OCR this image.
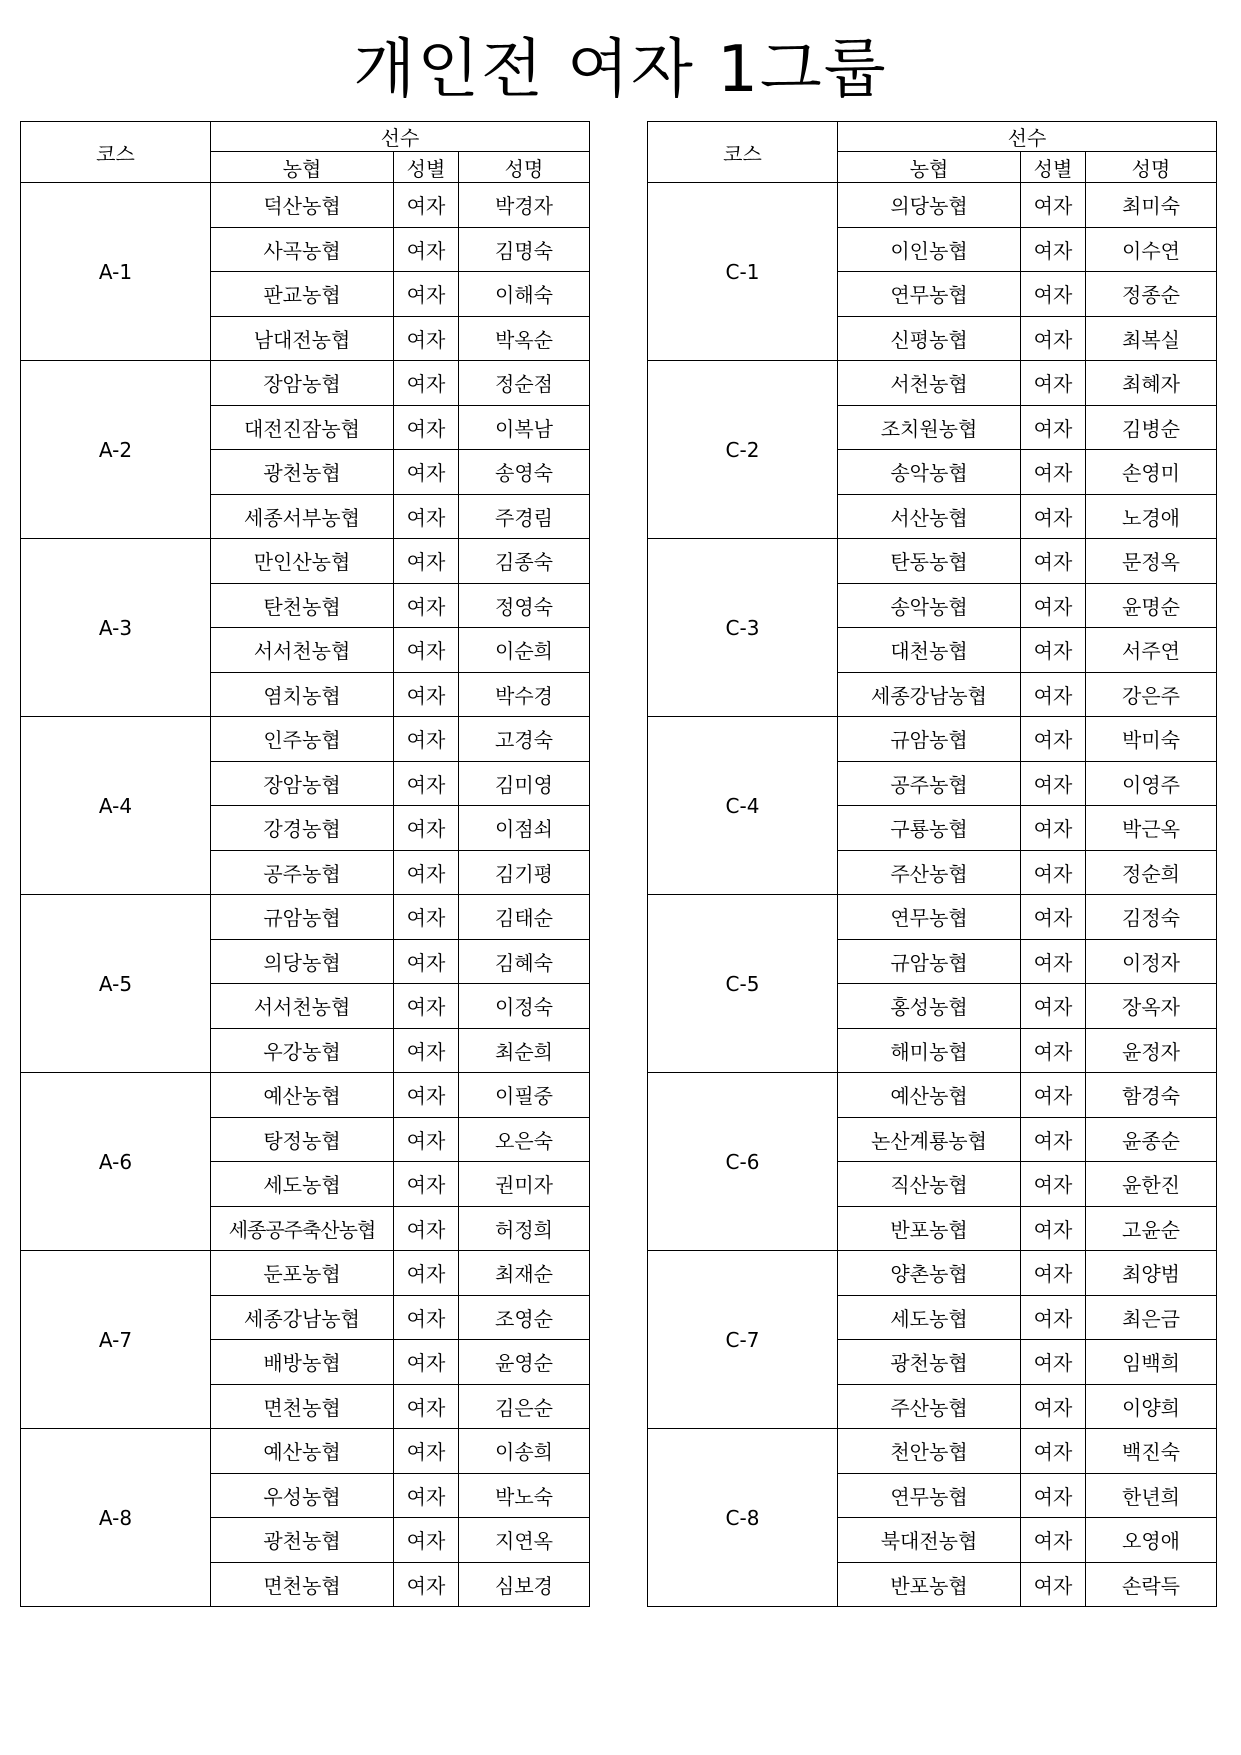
개인전 여자 1그룹
코스	선수		
	농협	성별	성명
A-1	덕산농협	여자	박경자
	사곡농협	여자	김명숙
	판교농협	여자	이해숙
	남대전농협	여자	박옥순
A-2	장암농협	여자	정순점
	대전진잠농협	여자	이복남
	광천농협	여자	송영숙
	세종서부농협	여자	주경림
A-3	만인산농협	여자	김종숙
	탄천농협	여자	정영숙
	서서천농협	여자	이순희
	염치농협	여자	박수경
A-4	인주농협	여자	고경숙
	장암농협	여자	김미영
	강경농협	여자	이점쇠
	공주농협	여자	김기평
A-5	규암농협	여자	김태순
	의당농협	여자	김혜숙
	서서천농협	여자	이정숙
	우강농협	여자	최순희
A-6	예산농협	여자	이필중
	탕정농협	여자	오은숙
	세도농협	여자	권미자
	세종공주축산농협	여자	허정희
A-7	둔포농협	여자	최재순
	세종강남농협	여자	조영순
	배방농협	여자	윤영순
	면천농협	여자	김은순
A-8	예산농협	여자	이송희
	우성농협	여자	박노숙
	광천농협	여자	지연옥
	면천농협	여자	심보경
코스	선수		
	농협	성별	성명
C-1	의당농협	여자	최미숙
	이인농협	여자	이수연
	연무농협	여자	정종순
	신평농협	여자	최복실
C-2	서천농협	여자	최혜자
	조치원농협	여자	김병순
	송악농협	여자	손영미
	서산농협	여자	노경애
C-3	탄동농협	여자	문정옥
	송악농협	여자	윤명순
	대천농협	여자	서주연
	세종강남농협	여자	강은주
C-4	규암농협	여자	박미숙
	공주농협	여자	이영주
	구룡농협	여자	박근옥
	주산농협	여자	정순희
C-5	연무농협	여자	김정숙
	규암농협	여자	이정자
	홍성농협	여자	장옥자
	해미농협	여자	윤정자
C-6	예산농협	여자	함경숙
	논산계룡농협	여자	윤종순
	직산농협	여자	윤한진
	반포농협	여자	고윤순
C-7	양촌농협	여자	최양범
	세도농협	여자	최은금
	광천농협	여자	임백희
	주산농협	여자	이양희
C-8	천안농협	여자	백진숙
	연무농협	여자	한년희
	북대전농협	여자	오영애
	반포농협	여자	손락득
